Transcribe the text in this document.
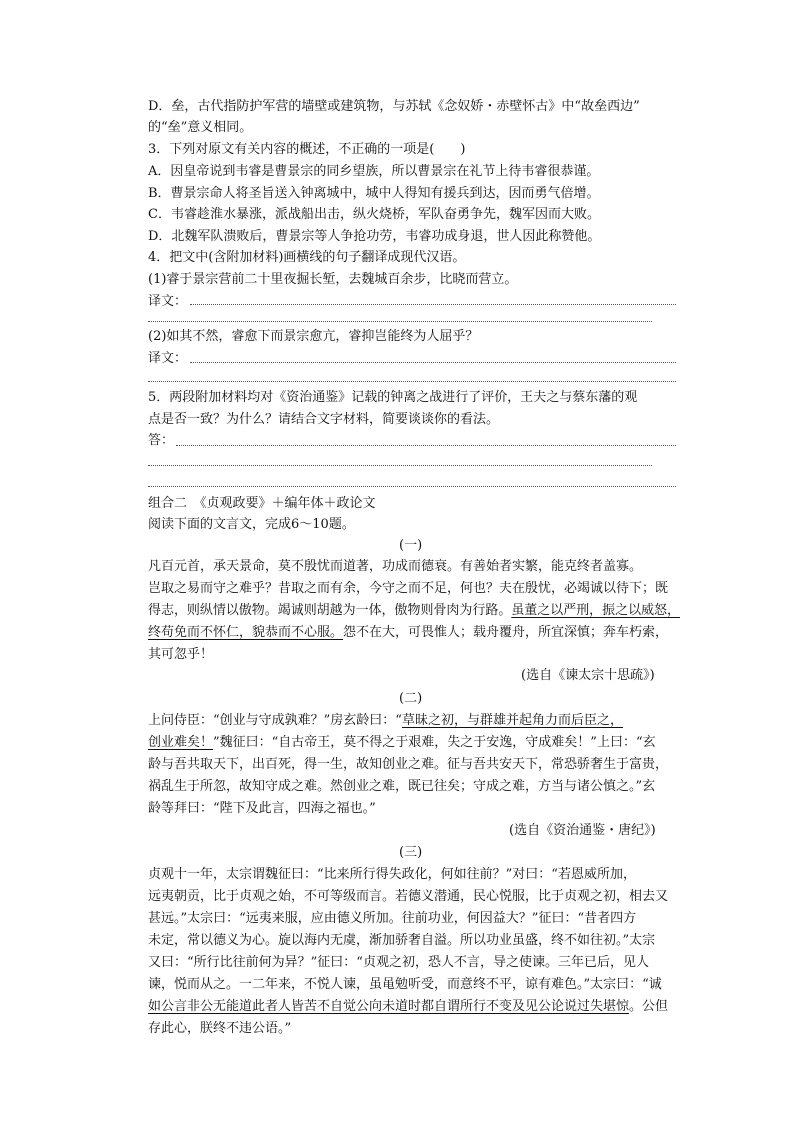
D．垒，古代指防护军营的墙壁或建筑物，与苏轼《念奴娇・赤壁怀古》中“故垒西边”
的“垒”意义相同。
3．下列对原文有关内容的概述，不正确的一项是(　　)
A．因皇帝说到韦睿是曹景宗的同乡望族，所以曹景宗在礼节上待韦睿很恭谨。
B．曹景宗命人将圣旨送入钟离城中，城中人得知有援兵到达，因而勇气倍增。
C．韦睿趁淮水暴涨，派战船出击，纵火烧桥，军队奋勇争先，魏军因而大败。
D．北魏军队溃败后，曹景宗等人争抢功劳，韦睿功成身退，世人因此称赞他。
4．把文中(含附加材料)画横线的句子翻译成现代汉语。
(1)睿于景宗营前二十里夜掘长堑，去魏城百余步，比晓而营立。
译文：
(2)如其不然，睿愈下而景宗愈亢，睿抑岂能终为人屈乎？
译文：
5．两段附加材料均对《资治通鉴》记载的钟离之战进行了评价，王夫之与蔡东藩的观
点是否一致？为什么？请结合文字材料，简要谈谈你的看法。
答：
组合二　《贞观政要》＋编年体＋政论文
阅读下面的文言文，完成6～10题。
(一)
凡百元首，承天景命，莫不殷忧而道著，功成而德衰。有善始者实繁，能克终者盖寡。
岂取之易而守之难乎？昔取之而有余，今守之而不足，何也？夫在殷忧，必竭诚以待下；既
得志，则纵情以傲物。竭诚则胡越为一体，傲物则骨肉为行路。虽董之以严刑，振之以威怒，
终苟免而不怀仁，貌恭而不心服。怨不在大，可畏惟人；载舟覆舟，所宜深慎；奔车朽索，
其可忽乎！
(选自《谏太宗十思疏》)
(二)
上问侍臣：“创业与守成孰难？”房玄龄曰：“草昧之初，与群雄并起角力而后臣之，
创业难矣！”魏征曰：“自古帝王，莫不得之于艰难，失之于安逸，守成难矣！”上曰：“玄
龄与吾共取天下，出百死，得一生，故知创业之难。征与吾共安天下，常恐骄奢生于富贵，
祸乱生于所忽，故知守成之难。然创业之难，既已往矣；守成之难，方当与诸公慎之。”玄
龄等拜曰：“陛下及此言，四海之福也。”
(选自《资治通鉴・唐纪》)
(三)
贞观十一年，太宗谓魏征曰：“比来所行得失政化，何如往前？”对曰：“若恩威所加，
远夷朝贡，比于贞观之始，不可等级而言。若德义潜通，民心悦服，比于贞观之初，相去又
甚远。”太宗曰：“远夷来服，应由德义所加。往前功业，何因益大？”征曰：“昔者四方
未定，常以德义为心。旋以海内无虞，渐加骄奢自溢。所以功业虽盛，终不如往初。”太宗
又曰：“所行比往前何为异？”征曰：“贞观之初，恐人不言，导之使谏。三年已后，见人
谏，悦而从之。一二年来，不悦人谏，虽黾勉听受，而意终不平，谅有难色。”太宗曰：“诚
如公言非公无能道此者人皆苦不自觉公向未道时都自谓所行不变及见公论说过失堪惊。公但
存此心，朕终不违公语。”
